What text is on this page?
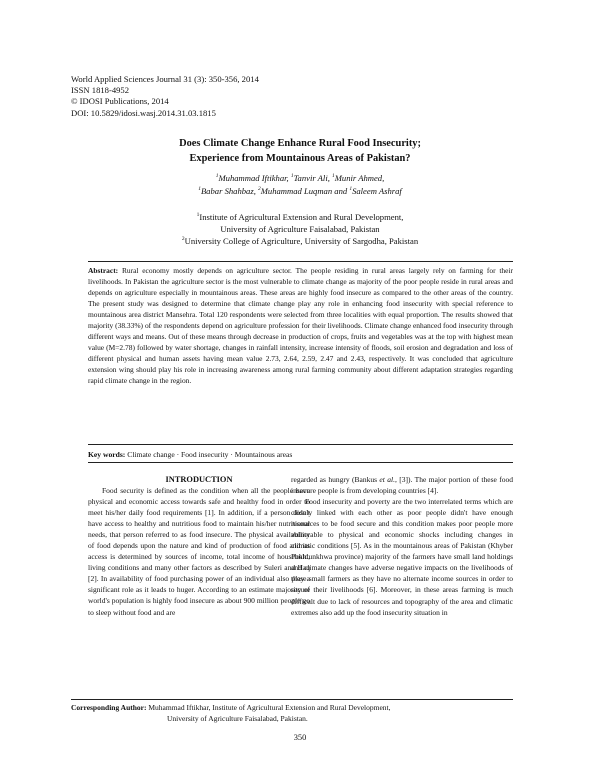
World Applied Sciences Journal 31 (3): 350-356, 2014
ISSN 1818-4952
© IDOSI Publications, 2014
DOI: 10.5829/idosi.wasj.2014.31.03.1815
Does Climate Change Enhance Rural Food Insecurity;
Experience from Mountainous Areas of Pakistan?
$^1$Muhammad Iftikhar, $^1$Tanvir Ali, $^1$Munir Ahmed,
$^1$Babar Shahbaz, $^2$Muhammad Luqman and $^1$Saleem Ashraf
$^1$Institute of Agricultural Extension and Rural Development,
University of Agriculture Faisalabad, Pakistan
$^2$University College of Agriculture, University of Sargodha, Pakistan
Abstract: Rural economy mostly depends on agriculture sector. The people residing in rural areas largely rely on farming for their livelihoods. In Pakistan the agriculture sector is the most vulnerable to climate change as majority of the poor people reside in rural areas and depends on agriculture especially in mountainous areas. These areas are highly food insecure as compared to the other areas of the country. The present study was designed to determine that climate change play any role in enhancing food insecurity with special reference to mountainous area district Mansehra. Total 120 respondents were selected from three localities with equal proportion. The results showed that majority (38.33%) of the respondents depend on agriculture profession for their livelihoods. Climate change enhanced food insecurity through different ways and means. Out of these means through decrease in production of crops, fruits and vegetables was at the top with highest mean value (M=2.78) followed by water shortage, changes in rainfall intensity, increase intensity of floods, soil erosion and degradation and loss of different physical and human assets having mean value 2.73, 2.64, 2.59, 2.47 and 2.43, respectively. It was concluded that agriculture extension wing should play his role in increasing awareness among rural farming community about different adaptation strategies regarding rapid climate change in the region.
Key words: Climate change · Food insecurity · Mountainous areas

INTRODUCTION

Food security is defined as the condition when all the people have physical and economic access towards safe and healthy food in order to meet his/her daily food requirements [1]. In addition, if a person didn't have access to healthy and nutritious food to maintain his/her nutritional needs, that person referred to as food insecure. The physical availability of food depends upon the nature and kind of production of food and its access is determined by sources of income, total income of household, living conditions and many other factors as described by Suleri and Haq [2]. In availability of food purchasing power of an individual also play a significant role as it leads to huger. According to an estimate majority of world's population is highly food insecure as about 900 million people go to sleep without food and are

regarded as hungry (Bankus et al., [3]). The major portion of these food insecure people is from developing countries [4].

Food insecurity and poverty are the two interrelated terms which are closely linked with each other as poor people didn't have enough resources to be food secure and this condition makes poor people more vulnerable to physical and economic shocks including changes in climatic conditions [5]. As in the mountainous areas of Pakistan (Khyber Pukhtunkhwa province) majority of the farmers have small land holdings and climate changes have adverse negative impacts on the livelihoods of these small farmers as they have no alternate income sources in order to secure their livelihoods [6]. Moreover, in these areas farming is much difficult due to lack of resources and topography of the area and climatic extremes also add up the food insecurity situation in

Corresponding Author: Muhammad Iftikhar, Institute of Agricultural Extension and Rural Development,
University of Agriculture Faisalabad, Pakistan.
350
